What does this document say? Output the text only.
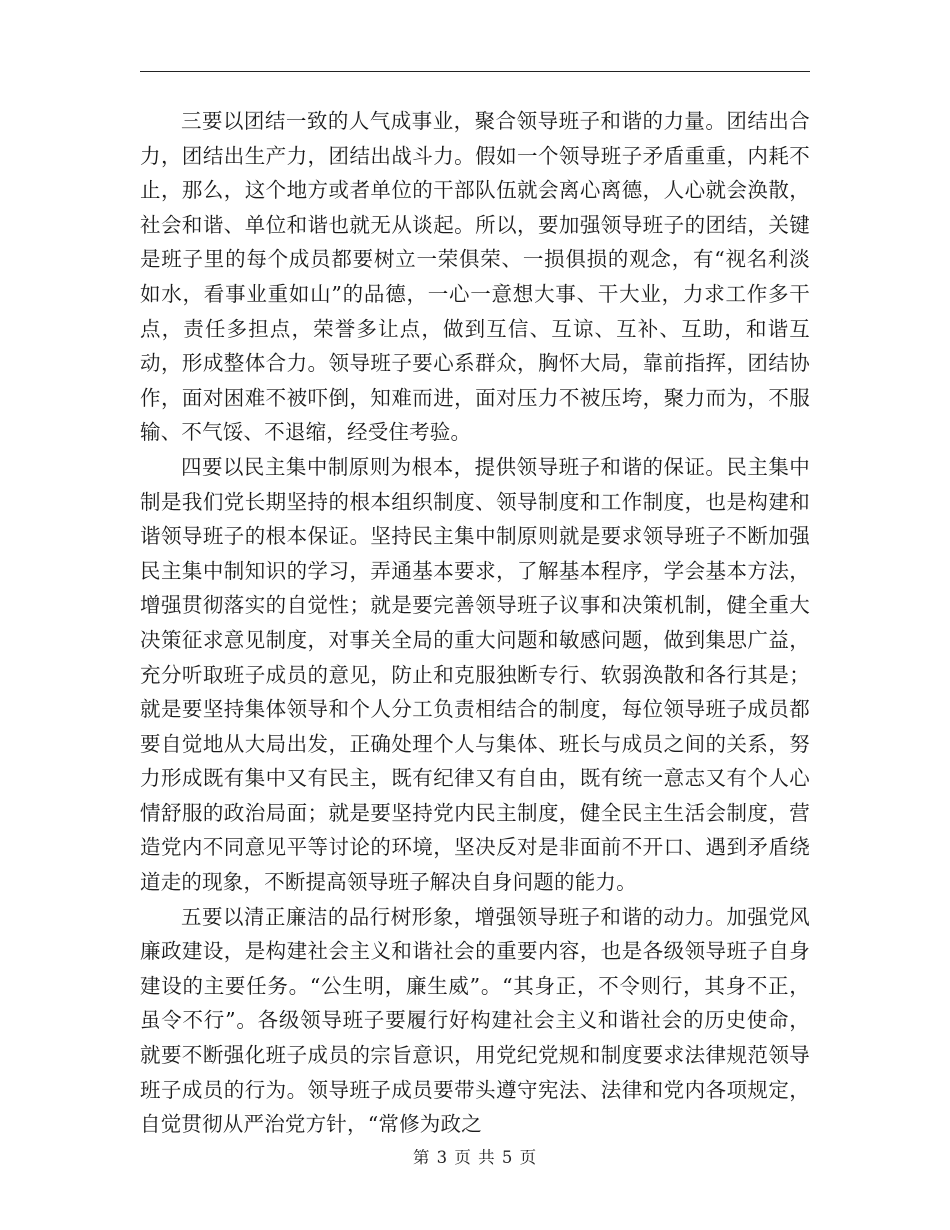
三要以团结一致的人气成事业，聚合领导班子和谐的力量。团结出合力，团结出生产力，团结出战斗力。假如一个领导班子矛盾重重，内耗不止，那么，这个地方或者单位的干部队伍就会离心离德，人心就会涣散，社会和谐、单位和谐也就无从谈起。所以，要加强领导班子的团结，关键是班子里的每个成员都要树立一荣俱荣、一损俱损的观念，有“视名利淡如水，看事业重如山”的品德，一心一意想大事、干大业，力求工作多干点，责任多担点，荣誉多让点，做到互信、互谅、互补、互助，和谐互动，形成整体合力。领导班子要心系群众，胸怀大局，靠前指挥，团结协作，面对困难不被吓倒，知难而进，面对压力不被压垮，聚力而为，不服输、不气馁、不退缩，经受住考验。

四要以民主集中制原则为根本，提供领导班子和谐的保证。民主集中制是我们党长期坚持的根本组织制度、领导制度和工作制度，也是构建和谐领导班子的根本保证。坚持民主集中制原则就是要求领导班子不断加强民主集中制知识的学习，弄通基本要求，了解基本程序，学会基本方法，增强贯彻落实的自觉性；就是要完善领导班子议事和决策机制，健全重大决策征求意见制度，对事关全局的重大问题和敏感问题，做到集思广益，充分听取班子成员的意见，防止和克服独断专行、软弱涣散和各行其是；就是要坚持集体领导和个人分工负责相结合的制度，每位领导班子成员都要自觉地从大局出发，正确处理个人与集体、班长与成员之间的关系，努力形成既有集中又有民主，既有纪律又有自由，既有统一意志又有个人心情舒服的政治局面；就是要坚持党内民主制度，健全民主生活会制度，营造党内不同意见平等讨论的环境，坚决反对是非面前不开口、遇到矛盾绕道走的现象，不断提高领导班子解决自身问题的能力。

五要以清正廉洁的品行树形象，增强领导班子和谐的动力。加强党风廉政建设，是构建社会主义和谐社会的重要内容，也是各级领导班子自身建设的主要任务。“公生明，廉生威”。“其身正，不令则行，其身不正，虽令不行”。各级领导班子要履行好构建社会主义和谐社会的历史使命，就要不断强化班子成员的宗旨意识，用党纪党规和制度要求法律规范领导班子成员的行为。领导班子成员要带头遵守宪法、法律和党内各项规定，自觉贯彻从严治党方针，“常修为政之

第 3 页 共 5 页
